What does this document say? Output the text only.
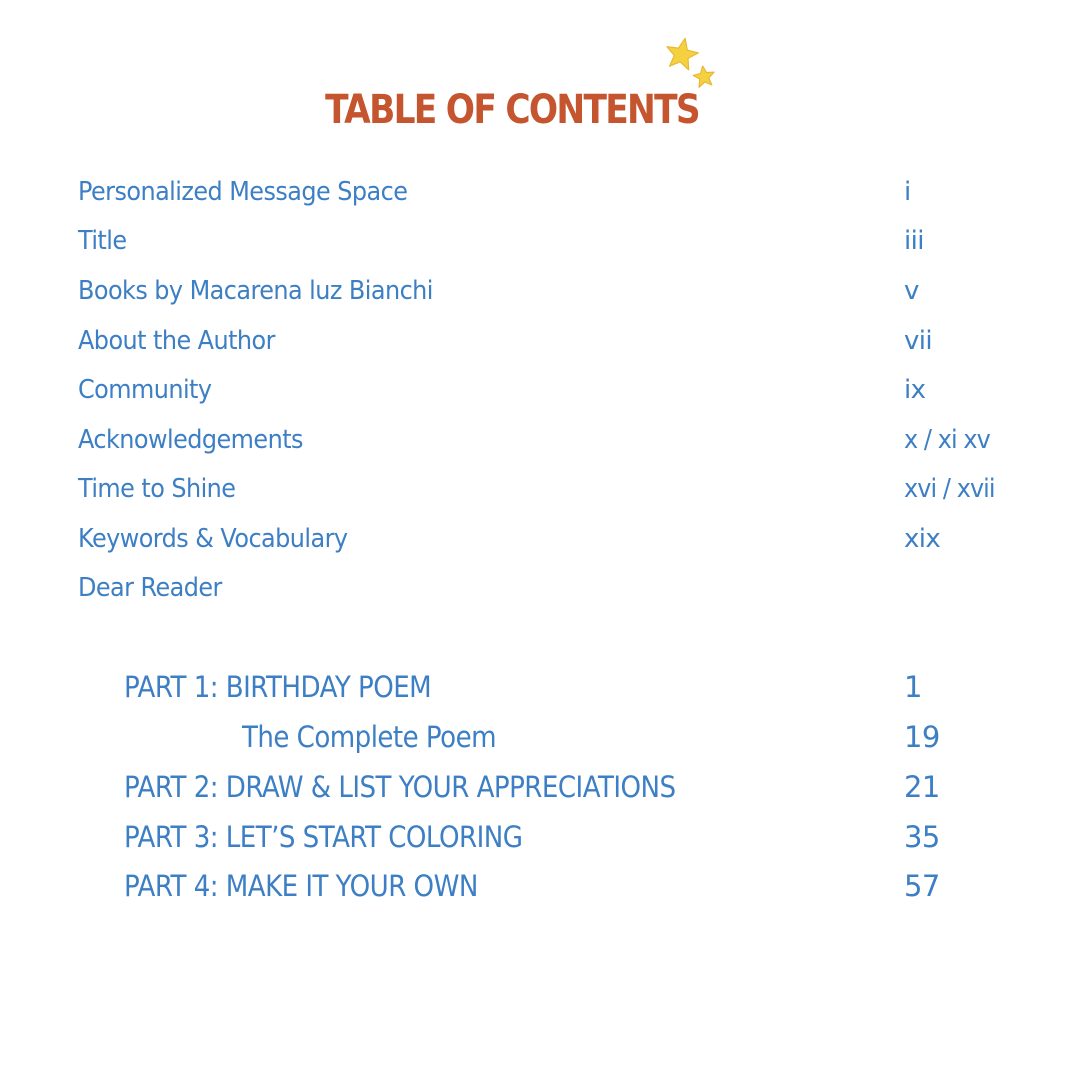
TABLE OF CONTENTS
Personalized Message Space
Title
Books by Macarena luz Bianchi
About the Author
Community
Acknowledgements
Time to Shine
Keywords & Vocabulary
Dear Reader
i
iii
v
vii
ix
x / xi xv
xvi / xvii
xix
PART 1: BIRTHDAY POEM
The Complete Poem
PART 2: DRAW & LIST YOUR APPRECIATIONS
PART 3: LET’S START COLORING
PART 4: MAKE IT YOUR OWN
1
19
21
35
57
